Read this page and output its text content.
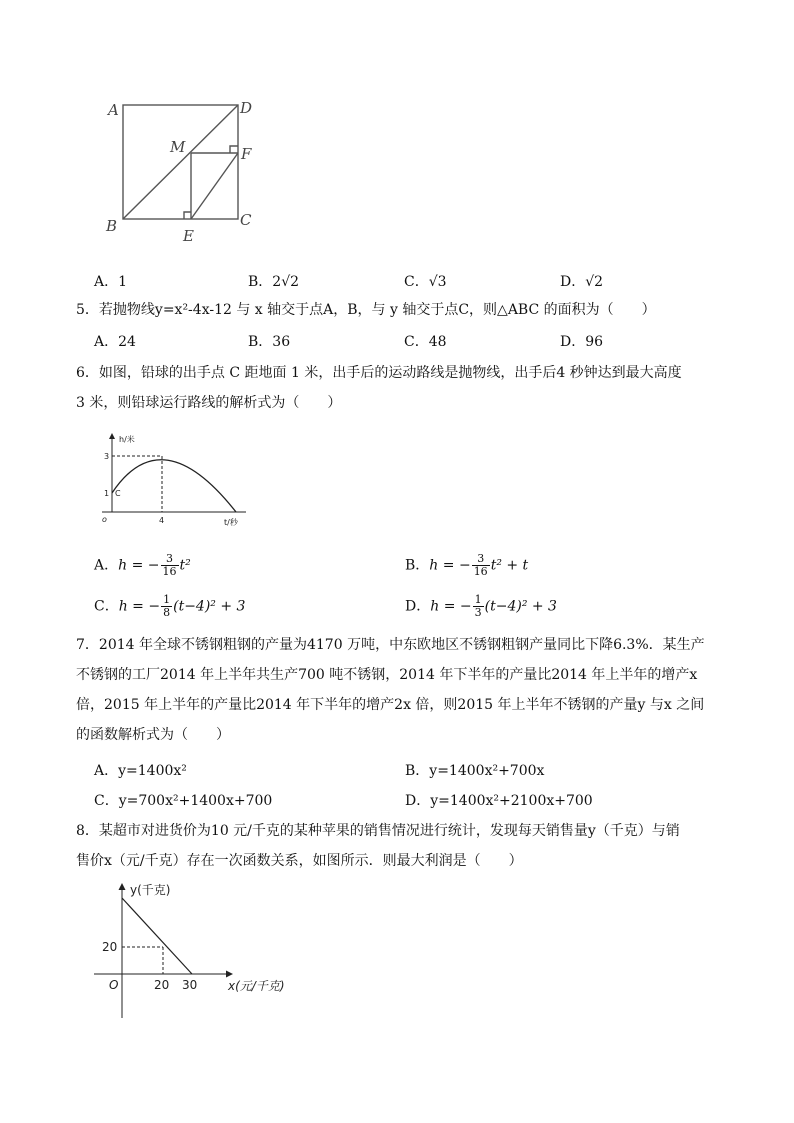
A	D
M	F
B
E
C
A．1	B．2√2	C．√3	D．√2
5．若抛物线y=x²-4x-12 与 x 轴交于点A，B，与 y 轴交于点C，则△ABC 的面积为（　　）
A．24	B．36	C．48	D．96
6．如图，铅球的出手点 C 距地面 1 米，出手后的运动路线是抛物线，出手后4 秒钟达到最大高度
3 米，则铅球运行路线的解析式为（　　）
h/米
t/秒
3
1 C
o	4
A．h = − $\frac{3}{16} t^2$	B．h = − $\frac{3}{16} t^2 + t$
C．h = − $\frac{1}{8} (t-4)^2 + 3$	D．h = − $\frac{1}{3} (t-4)^2 + 3$
7．2014 年全球不锈钢粗钢的产量为4170 万吨，中东欧地区不锈钢粗钢产量同比下降6.3%．某生产
不锈钢的工厂2014 年上半年共生产700 吨不锈钢，2014 年下半年的产量比2014 年上半年的增产x
倍，2015 年上半年的产量比2014 年下半年的增产2x 倍，则2015 年上半年不锈钢的产量y 与x 之间
的函数解析式为（　　）
A．y=1400x²	B．y=1400x²+700x
C．y=700x²+1400x+700	D．y=1400x²+2100x+700
8．某超市对进货价为10 元/千克的某种苹果的销售情况进行统计，发现每天销售量y（千克）与销
售价x（元/千克）存在一次函数关系，如图所示．则最大利润是（　　）
y(千克)
x(元/千克)
20
O	20 30
